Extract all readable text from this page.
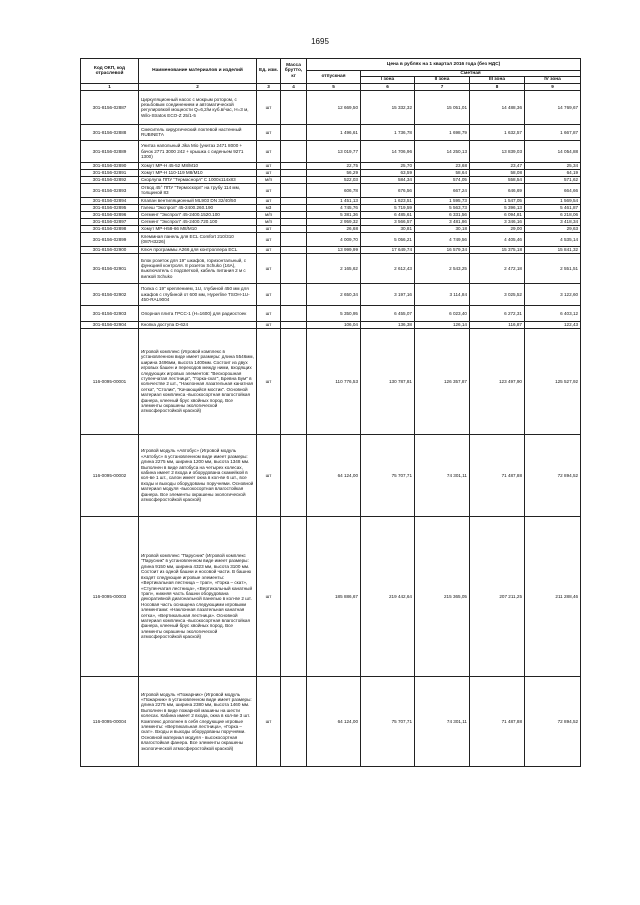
1695
Код ОКП, код отраслевой	Наименование материалов и изделий	Ед. изм.	Масса брутто, кг	Цена в рублях на 1 квартал 2016 года (без НДС)				
				отпускная	Сметная			
					I зона	II зона	III зона	IV зона
1	2	3	4	5	6	7	8	9
301-8156-02887	Циркуляционный насос с мокрым ротором, с резьбовым соединением и автоматической регулировкой мощности Q=6,2/м куб.в/час, Н=3 м, Wilo-Stratos ECO-Z 25/1-5	шт		12 669,50	15 332,32	15 051,01	14 488,36	14 769,67
301-8156-02888	Смеситель хирургический локтевой настенный RUBINETA	шт		1 496,61	1 736,78	1 698,79	1 632,57	1 667,87
301-8156-02889	Унитаз напольный Jika Mio (унитаз 2471 8000 + бачок 2771 3000 242 + крышка с сиденьем 9271 1300)	шт		13 019,77	14 706,96	14 250,13	13 839,03	14 054,88
301-8156-02890	Хомут МР-Н 45-52 М8/М10	шт		22,75	25,70	23,68	23,47	25,34
301-8156-02891	Хомут МР-Н 110-119 М8/М10	шт		56,29	63,59	58,64	58,08	64,19
301-8156-02892	Скорлупа ППУ "Термаснорл" С 1000х114х83	м/п		522,03	584,34	574,05	558,54	571,62
301-8156-02893	Отвод 45° ППУ "Термоскорл" на трубу 114 мм, толщиной 83	шт		606,78	676,56	667,24	646,69	664,66
301-8156-02894	Клапан вентиляционный МL903 DN 32/40/50	шт		1 451,13	1 623,51	1 595,73	1 547,05	1 569,54
301-8156-02895	Галеш "Экспрол" 45-2400.260.190	м3		4 745,76	5 719,59	5 563,73	5 396,13	5 461,87
301-8156-02896	Сегмент "Экспрол" 45-2400.1520.100	м/п		5 381,36	6 485,61	6 331,56	6 094,81	6 218,06
301-8156-02897	Сегмент "Экспрол" 45-2400.720.100	м/п		2 959,32	3 566,57	3 481,86	3 346,16	3 418,34
301-8156-02898	Хомут МР-Н58-66 М8/М10	шт		26,68	30,81	30,18	29,00	29,63
301-8156-02899	Клеммная панель для ECL Comfort 210/310 (087Н3226)	шт		4 009,70	5 056,21	4 749,56	4 405,46	4 535,14
301-8156-02900	Ключ программы А266 для контроллера ECL	шт		13 999,99	17 649,74	16 579,34	15 375,18	15 841,32
301-8156-02901	Блок розеток для 19" шкафов, горизонтальный, с функцией контроля. 8 розеток Schuko (16А), выключатель с подсветкой, кабель питания 2 м с вилкой Schuko	шт		2 165,62	2 612,43	2 543,25	2 472,18	2 551,51
301-8156-02902	Полка с 19" креплением, 1U, глубиной 450 мм для шкафов с глубиной от 600 мм, Hyperline TSOH-1U-450-RAL9004	шт		2 650,34	3 197,16	3 114,84	3 025,52	3 122,60
301-8156-02903	Опорная плита ГРСС-1 (Н=1600) для радиостоек	шт		5 350,95	6 455,07	6 023,40	6 272,31	6 403,12
301-8156-02904	Кнопка доступа D-624	шт		106,04	136,38	126,14	116,87	122,43
116-0095-00001	Игровой комплекс (Игровой комплекс в установленном виде имеет размеры: длина 5546мм, ширина 3496мм, высота 1400мм. Состоит из двух игровых башен и переходов между ними, входящих следующих игровых элементов: "Вескорошная ступенчатая лестница", "Горка-скат", Бревна Бум" в количестве 2 шт., "Наклонная лазательная канатная сетка", "Столик", "Качающийся мостик". Основной материал комплекса -высокосортная влагостойкая фанера, клееный брус хвойных пород. Все элементы окрашены экологической атмосферостойкой краской)	шт		110 776,53	130 787,81	126 357,87	123 497,90	125 527,92
116-0095-00002	Игровой модуль «Автобус» (Игровой модуль «Автобус» в установленном виде имеет размеры: длина 2275 мм, ширина 1200 мм, высота 1348 мм. Выполнен в виде автобуса на четырех колесах, кабина имеет 2 входа и оборудована скамейкой в кол-ве 1 шт., салон имеет окна в кол-ве 6 шт., все входы и выходы оборудованы поручнями. Основной материал модуля -высокосортная влагостойкая фанера. Все элементы окрашены экологической атмосферостойкой краской)	шт		64 124,00	75 707,71	74 301,11	71 487,88	72 894,52
116-0095-00003	Игровой комплекс "Парусник" (Игровой комплекс "Парусник" в установленном виде имеет размеры: длина 9150 мм, ширина 4323 мм, высота 3100 мм. Состоит из одной башни и носовой части. В башню входят следующие игровые элементы: «Вертикальная лестница – трап», «Горка – скат», «Ступенчатая лестница», «Вертикальный канатный трап», нижняя часть башни оборудована декоративной диагональной панелью в кол-ве 2 шт. Носовая часть оснащена следующими игровыми элементами: «Наклонная лазательная канатная сетка», «Вертикальная лестница». Основной материал комплекса -высокосортная влагостойкая фанера, клееный брус хвойных пород. Все элементы окрашены экологической атмосферостойкой краской)	шт		185 886,67	219 442,64	215 365,05	207 211,25	211 288,46
116-0095-00004	Игровой модуль «Пожарник» (Игровой модуль «Пожарник» в установленном виде имеет размеры: длина 2275 мм, ширина 2380 мм, высота 1460 мм. Выполнен в виде пожарной машины на шести колесах. Кабина имеет 2 входа, окна в кол-ве 3 шт. Комплекс дополнен в себя следующие игровые элементы: «Вертикальная лестница», «Горка – скат». Входы и выходы оборудованы поручнями. Основной материал модуля - высокосортная влагостойкая фанера. Все элементы окрашены экологической атмосферостойкой краской)	шт		64 124,00	75 707,71	74 301,11	71 487,88	72 894,52
